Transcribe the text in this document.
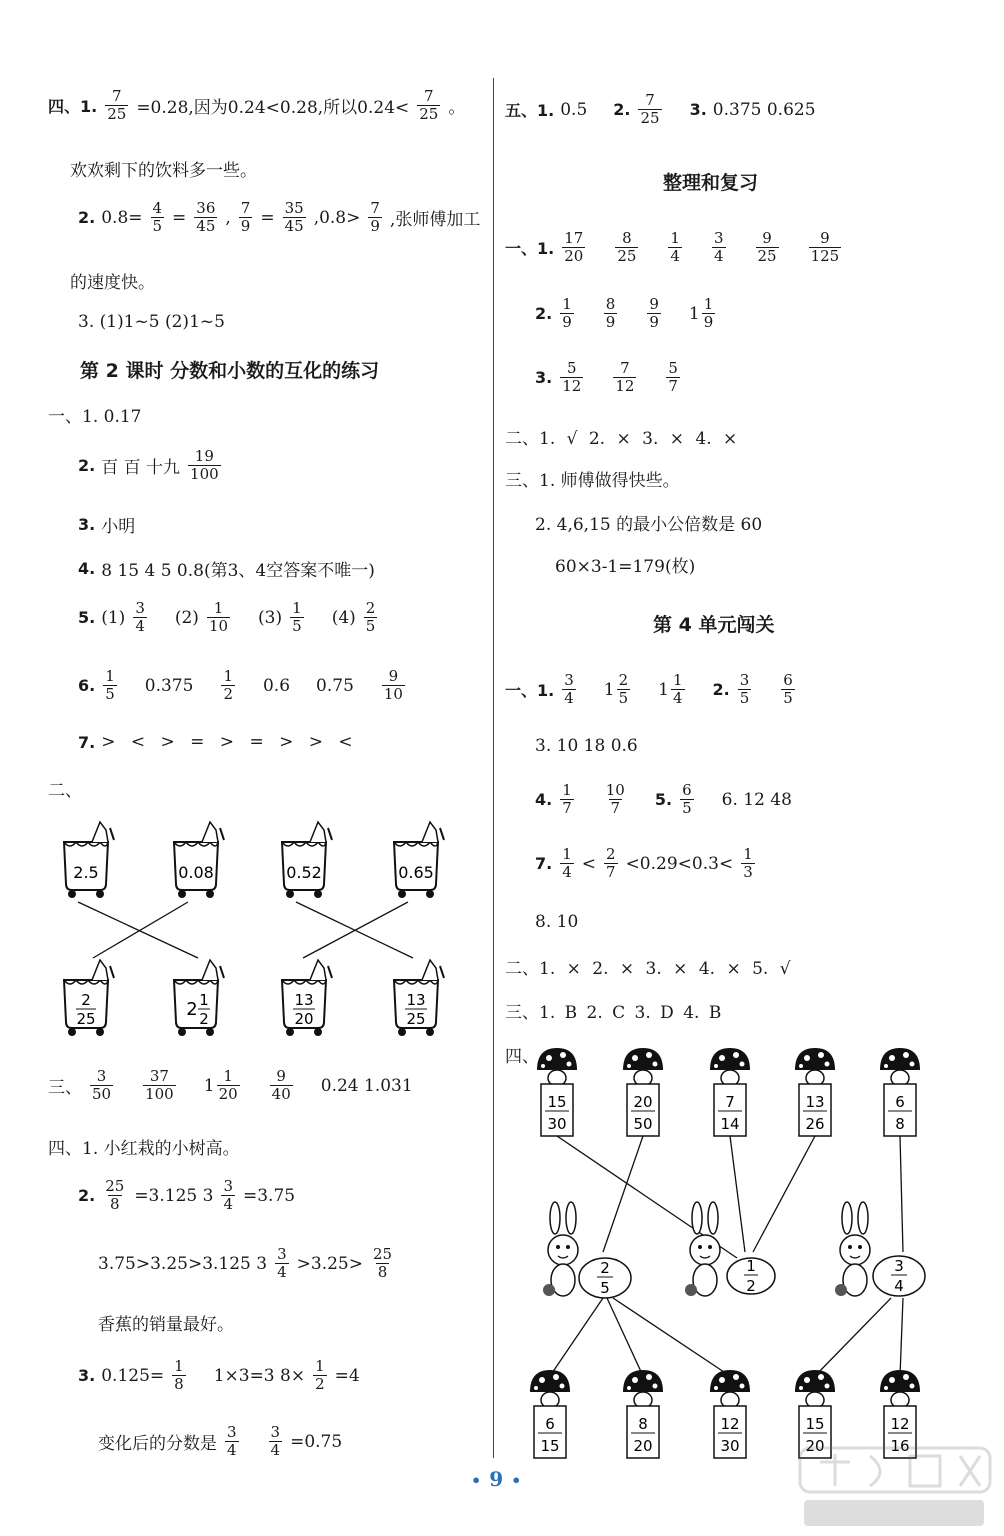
四、1. $\frac{7}{25} =0.28$,因为0.24<0.28,所以$0.24< \frac{7}{25}$ 。
欢欢剩下的饮料多一些。
2. $0.8= \frac{4}{5} = \frac{36}{45}$ , $\frac{7}{9} = \frac{35}{45} ,0.8> \frac{7}{9}$ ,张师傅加工
的速度快。
3. (1)1~5 (2)1~5
第 2 课时 分数和小数的互化的练习
一、1. 0.17
2. 百 百 十九 $\frac{19}{100}$
3. 小明
4. 8 15 4 5 0.8(第3、4空答案不唯一)
5. $(1) \frac{3}{4} (2) \frac{1}{10} (3) \frac{1}{5} (4) \frac{2}{5}$
6. $\frac{1}{5} 0.375 \frac{1}{2} 0.6$ $0.75 \frac{9}{10}$
7. > < > = > = > > <
二、
2.5	0.08	0.52	0.65
2
25	2 1
2
13
20
13
25
三、 $\frac{3}{50} \frac{37}{100} 1 \frac{1}{20} \frac{9}{40} 0.24$ 1.031
四、1. 小红栽的小树高。
2. $\frac{25}{8} =3.125$ $3 \frac{3}{4} =3.75$
3.75>3.25>3.125 $3 \frac{3}{4} >3.25> \frac{25}{8}$
香蕉的销量最好。
3. $0.125= \frac{1}{8} 1\times 3=3$ $8\times \frac{1}{2} =4$
变化后的分数是 $\frac{3}{4} \frac{3}{4} =0.75$
五、1. 0.5 2. $\frac{7}{25} 3$. 0.375 0.625
整理和复习
一、1. $\frac{17}{20} \frac{8}{25} \frac{1}{4} \frac{3}{4} \frac{9}{25} \frac{9}{125}$
2. $\frac{1}{9} \frac{8}{9} \frac{9}{9} 1 \frac{1}{9}$
3. $\frac{5}{12} \frac{7}{12} \frac{5}{7}$
二、1. √ 2. × 3. × 4. ×
三、1. 师傅做得快些。
2. 4,6,15 的最小公倍数是 60
60×3-1=179(枚)
第 4 单元闯关
一、1. $\frac{3}{4} 1 \frac{2}{5} 1 \frac{1}{4} 2$. $\frac{3}{5} \frac{6}{5}$
3. 10 18 0.6
4. $\frac{1}{7} \frac{10}{7} 5$. $\frac{6}{5} 6$. 12 48
7. $\frac{1}{4} < \frac{2}{7} <0.29<0.3< \frac{1}{3}$
8. 10
二、1. × 2. × 3. × 4. × 5. √
三、1. B 2. C 3. D 4. B
四、
15
30
20
50
7
14
13
26
6
8
2
5
1
2
3
4
6
15
8
20
12
30
15
20
12
16
• 9 •
